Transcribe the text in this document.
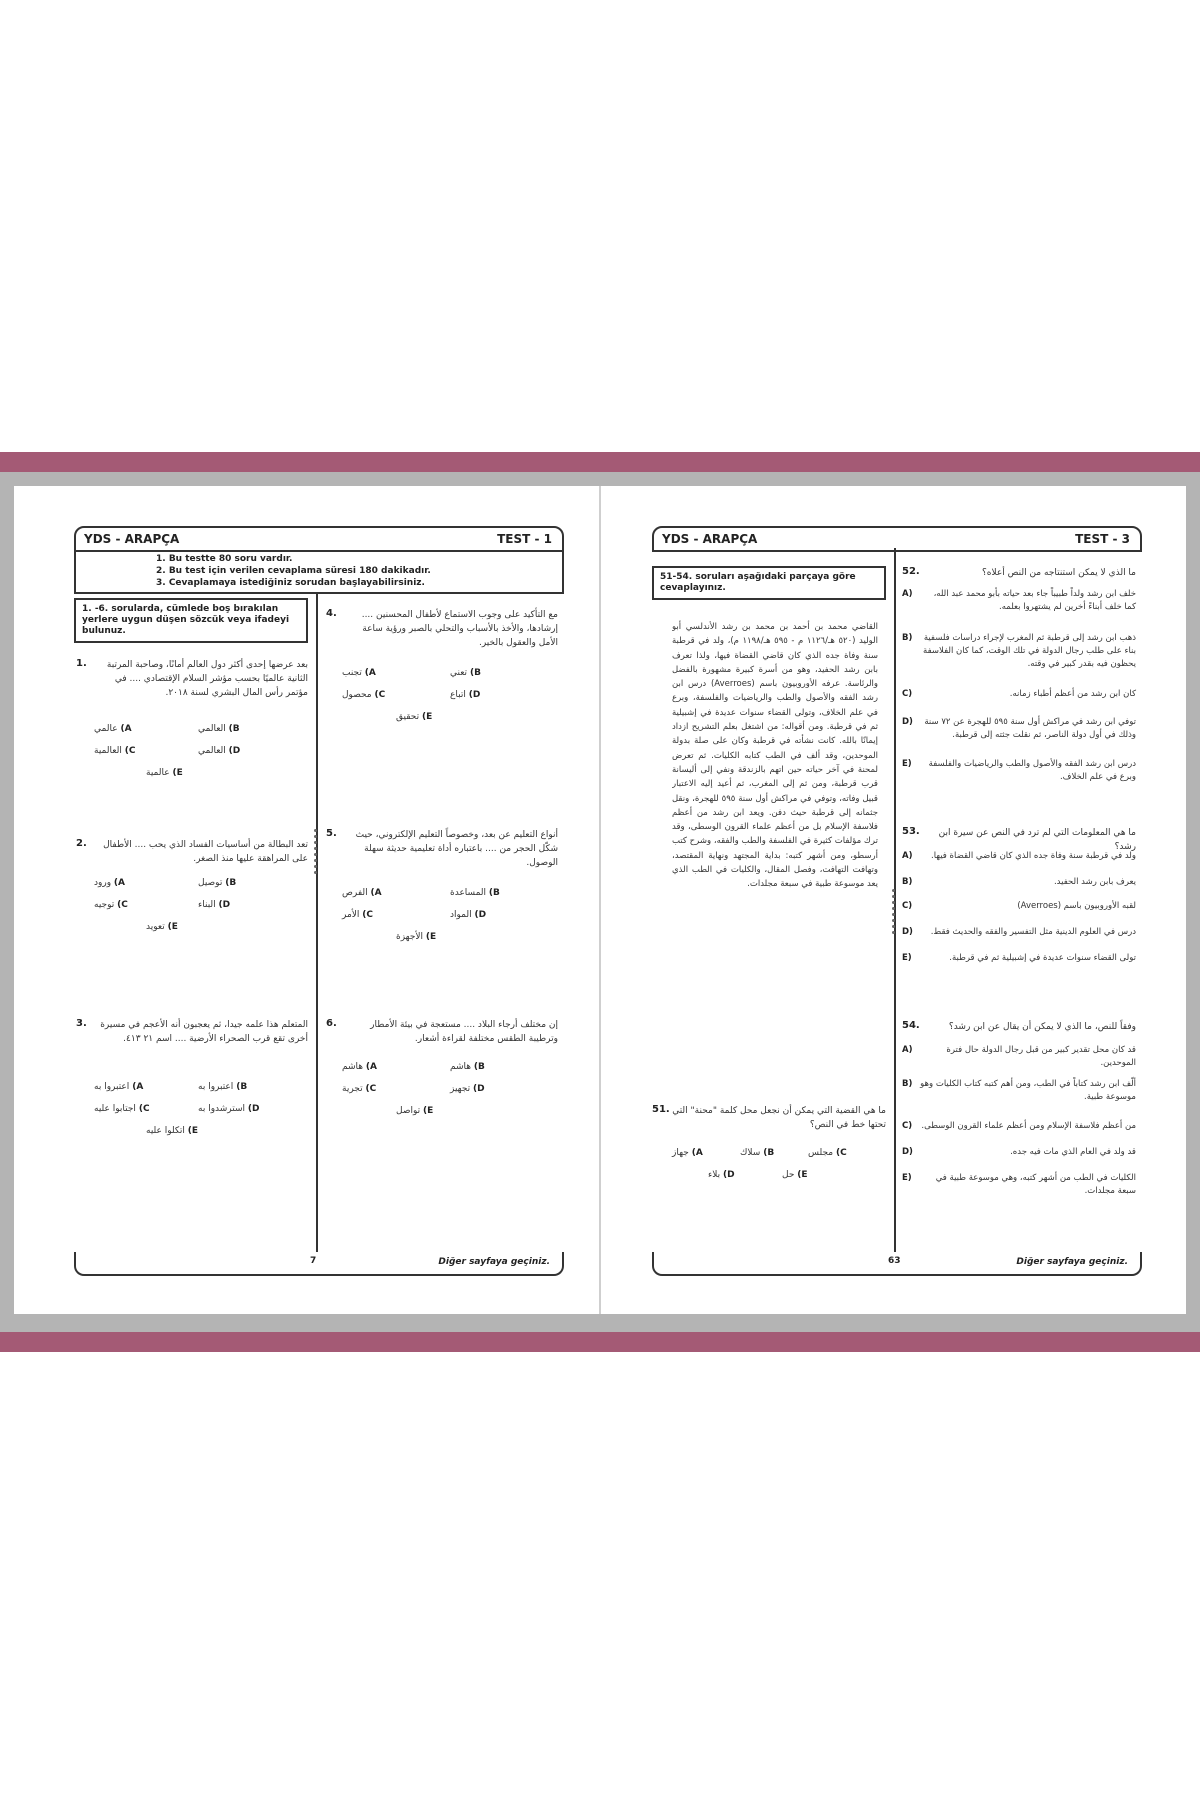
YDS - ARAPÇA	TEST - 1
1. Bu testte 80 soru vardır.
2. Bu test için verilen cevaplama süresi 180 dakikadır.
3. Cevaplamaya istediğiniz sorudan başlayabilirsiniz.
1. -6. sorularda, cümlede boş bırakılan yerlere uygun düşen sözcük veya ifadeyi bulunuz.
1.	بعد عرضها إحدى أكثر دول العالم أمانًا، وصاحبة المرتبة الثانية عالميًا بحسب مؤشر السلام الإقتصادي .... في مؤتمر رأس المال البشري لسنة ٢٠١٨.
A) عالمي	B) العالمي
C) العالمية	D) العالمي
E) عالمية
2.	تعد البطالة من أساسيات الفساد الذي يحب .... الأطفال على المراهقة عليها منذ الصغر.
A) ورود	B) توصيل
C) توجيه	D) البناء
E) تعويد
3.	المتعلم هذا علمه جيدا، ثم يعجبون أنه الأعجم في مسيرة أخرى تقع قرب الصحراء الأرضية .... اسم ٢١ ٤١٣.
A) اعتبروا به	B) اعتبروا به
C) اجتابوا عليه	D) استرشدوا به
E) اتكلوا عليه
4.	مع التأكيد على وجوب الاستماع لأطفال المحسنين .... إرشادها، والأخذ بالأسباب والتحلي بالصبر ورؤية ساعة الأمل والعقول بالخير.
A) تجنب	B) تعني
C) محصول	D) اتباع
E) تحقيق
5.	أنواع التعليم عن بعد، وخصوصاً التعليم الإلكتروني، حيث شكّل الحجر من .... باعتباره أداة تعليمية حديثة سهلة الوصول.
A) الفرص	B) المساعدة
C) الأمر	D) المواد
E) الأجهزة
6.	إن مختلف أرجاء البلاد .... مستعجة في بيئة الأمطار وترطيبة الطقس مختلفة لقراءة أشعار.
A) هاشم	B) هاشم
C) تجرية	D) تجهيز
E) تواصل
7	Diğer sayfaya geçiniz.
YDS - ARAPÇA	TEST - 3
51-54. soruları aşağıdaki parçaya göre cevaplayınız.
القاضي محمد بن أحمد بن محمد بن رشد الأندلسي أبو الوليد (٥٢٠ هـ/١١٢٦ م - ٥٩٥ هـ/١١٩٨ م)، ولد في قرطبة سنة وفاة جده الذي كان قاضي القضاة فيها، ولذا تعرف بابن رشد الحفيد، وهو من أسرة كبيرة مشهورة بالفضل والرئاسة. عرفه الأوروبيون باسم (Averroes) درس ابن رشد الفقه والأصول والطب والرياضيات والفلسفة، وبرع في علم الخلاف، وتولى القضاء سنوات عديدة في إشبيلية ثم في قرطبة. ومن أقواله: من اشتغل بعلم التشريح ازداد إيمانًا بالله. كانت نشأته في قرطبة وكان على صلة بدولة الموحدين، وقد ألف في الطب كتابه الكليات. ثم تعرض لمحنة في آخر حياته حين اتهم بالزندقة ونفي إلى أليسانة قرب قرطبة، ومن ثم إلى المغرب، ثم أعيد إليه الاعتبار قبيل وفاته، وتوفي في مراكش أول سنة ٥٩٥ للهجرة، ونقل جثمانه إلى قرطبة حيث دفن. ويعد ابن رشد من أعظم فلاسفة الإسلام بل من أعظم علماء القرون الوسطى، وقد ترك مؤلفات كثيرة في الفلسفة والطب والفقه، وشرح كتب أرسطو، ومن أشهر كتبه: بداية المجتهد ونهاية المقتصد، وتهافت التهافت، وفصل المقال، والكليات في الطب الذي يعد موسوعة طبية في سبعة مجلدات.
51. ما هي القضية التي يمكن أن نجعل محل كلمة "محنة" التي تحتها خط في النص؟
A) جهاز	B) سلاك	C) مجلس
D) بلاء	E) حل
52.	ما الذي لا يمكن استنتاجه من النص أعلاه؟
A) خلف ابن رشد ولداً طبيباً جاء بعد حياته بأبو محمد عبد الله، كما خلف أبناءً أخرين لم يشتهروا بعلمه.
B) ذهب ابن رشد إلى قرطبة ثم المغرب لإجراء دراسات فلسفية بناء على طلب رجال الدولة في تلك الوقت، كما كان الفلاسفة يحظون فيه بقدر كبير في وقته.
C)	كان ابن رشد من أعظم أطباء زمانه.
D) توفي ابن رشد في مراكش أول سنة ٥٩٥ للهجرة عن ٧٢ سنة وذلك في أول دولة الناصر، ثم نقلت جثته إلى قرطبة.
E) درس ابن رشد الفقه والأصول والطب والرياضيات والفلسفة وبرع في علم الخلاف.
53.	ما هي المعلومات التي لم ترد في النص عن سيرة ابن رشد؟
A) ولد في قرطبة سنة وفاة جده الذي كان قاضي القضاة فيها.
B)	يعرف بابن رشد الحفيد.
C)	لقبه الأوروبيون باسم (Averroes)
D) درس في العلوم الدينية مثل التفسير والفقه والحديث فقط.
E)	تولى القضاء سنوات عديدة في إشبيلية ثم في قرطبة.
54.	وفقاً للنص، ما الذي لا يمكن أن يقال عن ابن رشد؟
A)	قد كان محل تقدير كبير من قبل رجال الدولة حال فترة الموحدين.
B) ألّف ابن رشد كتاباً في الطب، ومن أهم كتبه كتاب الكليات وهو موسوعة طبية.
C) من أعظم فلاسفة الإسلام ومن أعظم علماء القرون الوسطى.
D)	قد ولد في العام الذي مات فيه جده.
E)	الكليات في الطب من أشهر كتبه، وهي موسوعة طبية في سبعة مجلدات.
63	Diğer sayfaya geçiniz.
